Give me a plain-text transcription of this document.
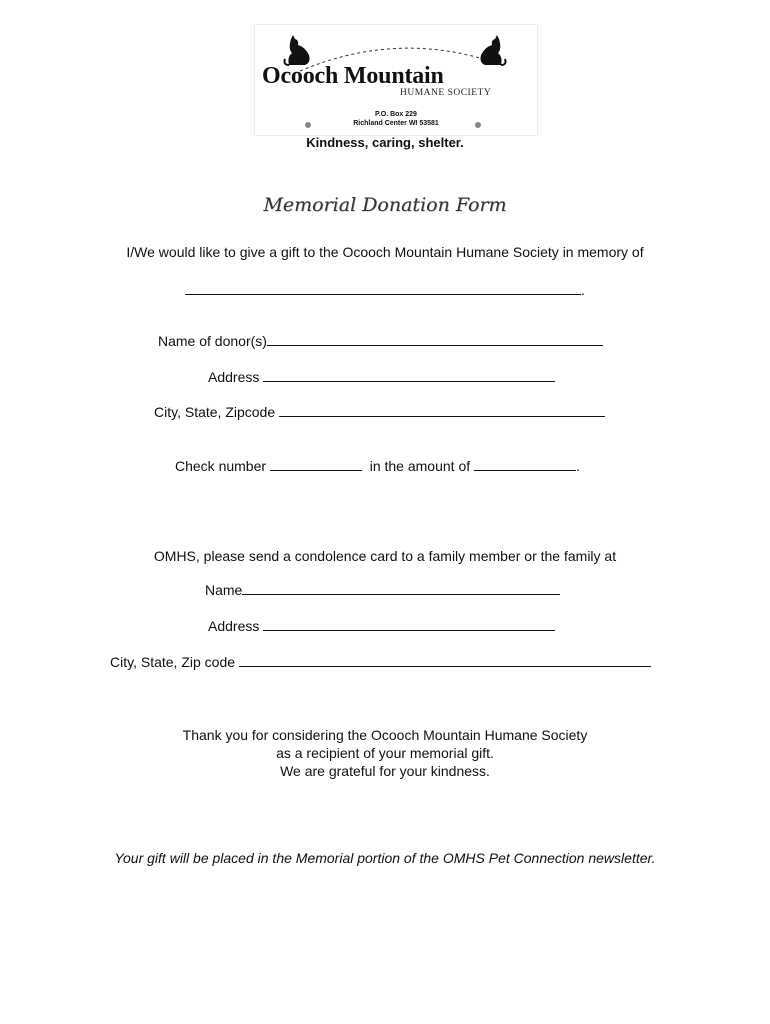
Ocooch Mountain
HUMANE SOCIETY
P.O. Box 229
Richland Center WI 53581
Kindness, caring, shelter.
Memorial Donation Form
I/We would like to give a gift to the Ocooch Mountain Humane Society in memory of
.
Name of donor(s)
Address
City, State, Zipcode
Check number	in the amount of	.
OMHS, please send a condolence card to a family member or the family at
Name
Address
City, State, Zip code
Thank you for considering the Ocooch Mountain Humane Society
as a recipient of your memorial gift.
We are grateful for your kindness.
Your gift will be placed in the Memorial portion of the OMHS Pet Connection newsletter.
